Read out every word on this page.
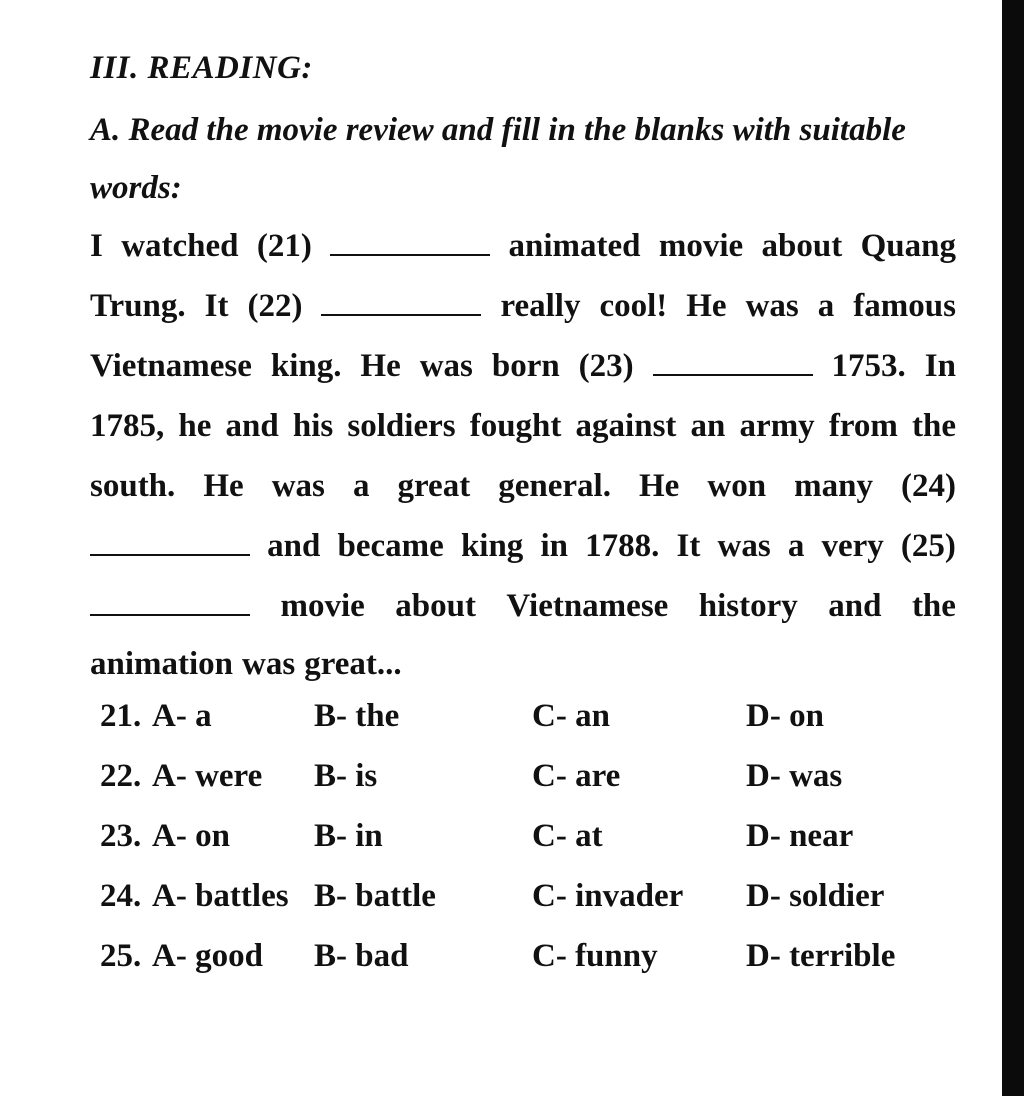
III. READING:
A. Read the movie review and fill in the blanks with suitable
words:
I watched (21)	animated movie about Quang
Trung. It (22)	really cool! He was a famous
Vietnamese king. He was born (23)	1753. In
1785, he and his soldiers fought against an army from the
south. He was a great general. He won many (24)
and became king in 1788. It was a very (25)
movie about Vietnamese history and the
animation was great...
21. A- a	B- the	C- an	D- on
22. A- were B- is	C- are	D- was
23. A- on	B- in	C- at	D- near
24. A- battles B- battle	C- invader D- soldier
25. A- good B- bad	C- funny	D- terrible
